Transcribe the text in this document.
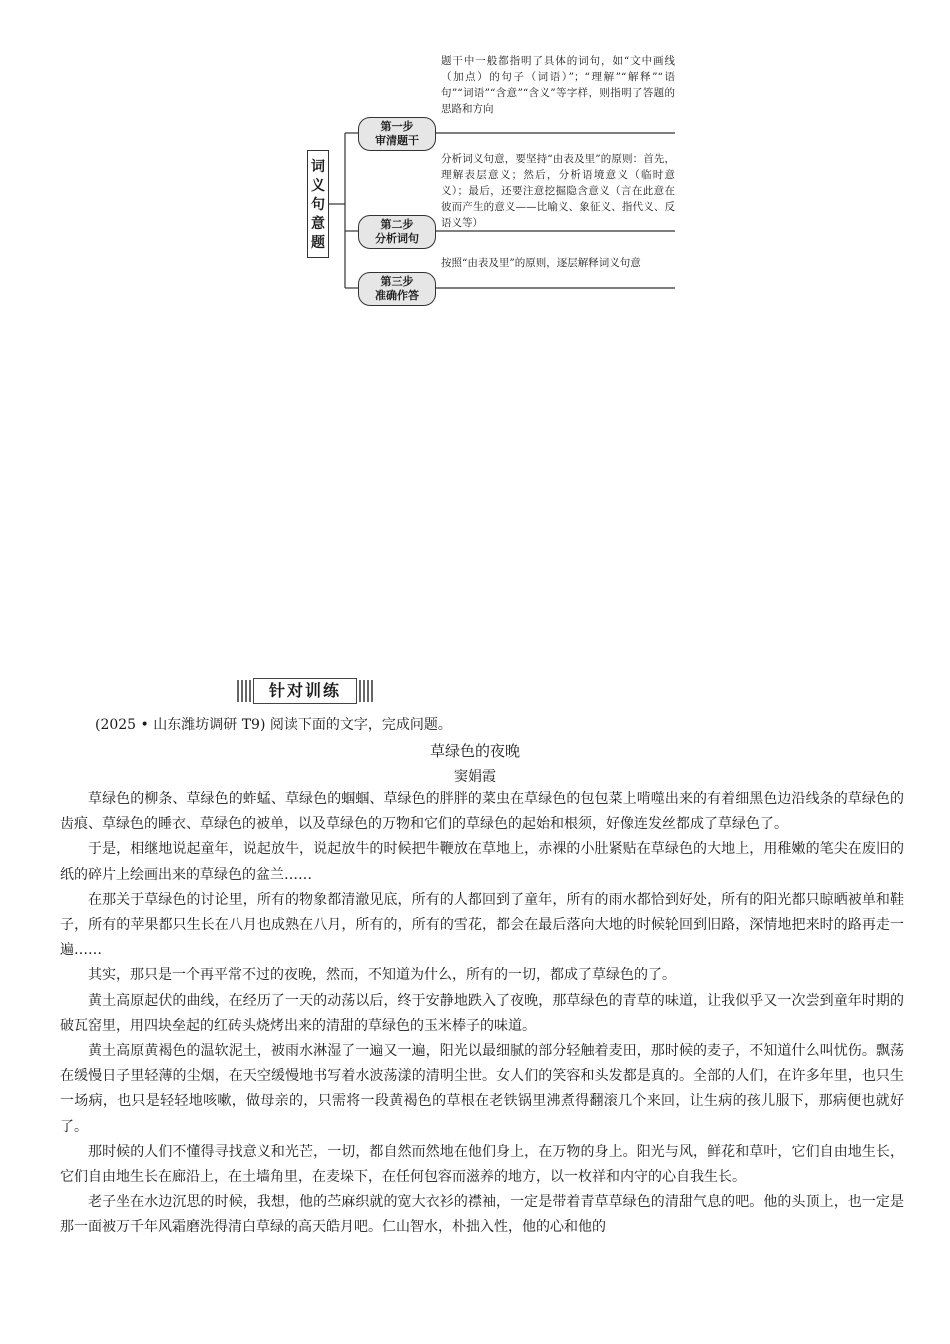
词
义
句
意
题
第一步
审清题干
第二步
分析词句
第三步
准确作答
题干中一般都指明了具体的词句，如“文中画线（加点）的句子（词语）”；“理解”“解释”“语句”“词语”“含意”“含义”等字样，则指明了答题的思路和方向
分析词义句意，要坚持“由表及里”的原则：首先，理解表层意义；然后，分析语境意义（临时意义）；最后，还要注意挖掘隐含意义（言在此意在彼而产生的意义——比喻义、象征义、指代义、反语义等）
按照“由表及里”的原则，逐层解释词义句意
针对训练
(2025 • 山东潍坊调研 T9) 阅读下面的文字，完成问题。
草绿色的夜晚
窦娟霞

草绿色的柳条、草绿色的蚱蜢、草绿色的蝈蝈、草绿色的胖胖的菜虫在草绿色的包包菜上啃噬出来的有着细黑色边沿线条的草绿色的齿痕、草绿色的睡衣、草绿色的被单，以及草绿色的万物和它们的草绿色的起始和根须，好像连发丝都成了草绿色了。

于是，相继地说起童年，说起放牛，说起放牛的时候把牛鞭放在草地上，赤裸的小肚紧贴在草绿色的大地上，用稚嫩的笔尖在废旧的纸的碎片上绘画出来的草绿色的盆兰……

在那关于草绿色的讨论里，所有的物象都清澈见底，所有的人都回到了童年，所有的雨水都恰到好处，所有的阳光都只晾晒被单和鞋子，所有的苹果都只生长在八月也成熟在八月，所有的，所有的雪花，都会在最后落向大地的时候轮回到旧路，深情地把来时的路再走一遍……

其实，那只是一个再平常不过的夜晚，然而，不知道为什么，所有的一切，都成了草绿色的了。

黄土高原起伏的曲线，在经历了一天的动荡以后，终于安静地跌入了夜晚，那草绿色的青草的味道，让我似乎又一次尝到童年时期的破瓦窑里，用四块垒起的红砖头烧烤出来的清甜的草绿色的玉米棒子的味道。

黄土高原黄褐色的温软泥土，被雨水淋湿了一遍又一遍，阳光以最细腻的部分轻触着麦田，那时候的麦子，不知道什么叫忧伤。飘荡在缓慢日子里轻薄的尘烟，在天空缓慢地书写着水波荡漾的清明尘世。女人们的笑容和头发都是真的。全部的人们，在许多年里，也只生一场病，也只是轻轻地咳嗽，做母亲的，只需将一段黄褐色的草根在老铁锅里沸煮得翻滚几个来回，让生病的孩儿服下，那病便也就好了。

那时候的人们不懂得寻找意义和光芒，一切，都自然而然地在他们身上，在万物的身上。阳光与风，鲜花和草叶，它们自由地生长，它们自由地生长在廊沿上，在土墙角里，在麦垛下，在任何包容而滋养的地方，以一枚祥和内守的心自我生长。

老子坐在水边沉思的时候，我想，他的苎麻织就的宽大衣衫的襟袖，一定是带着青草草绿色的清甜气息的吧。他的头顶上，也一定是那一面被万千年风霜磨洗得清白草绿的高天皓月吧。仁山智水，朴拙入性，他的心和他的
